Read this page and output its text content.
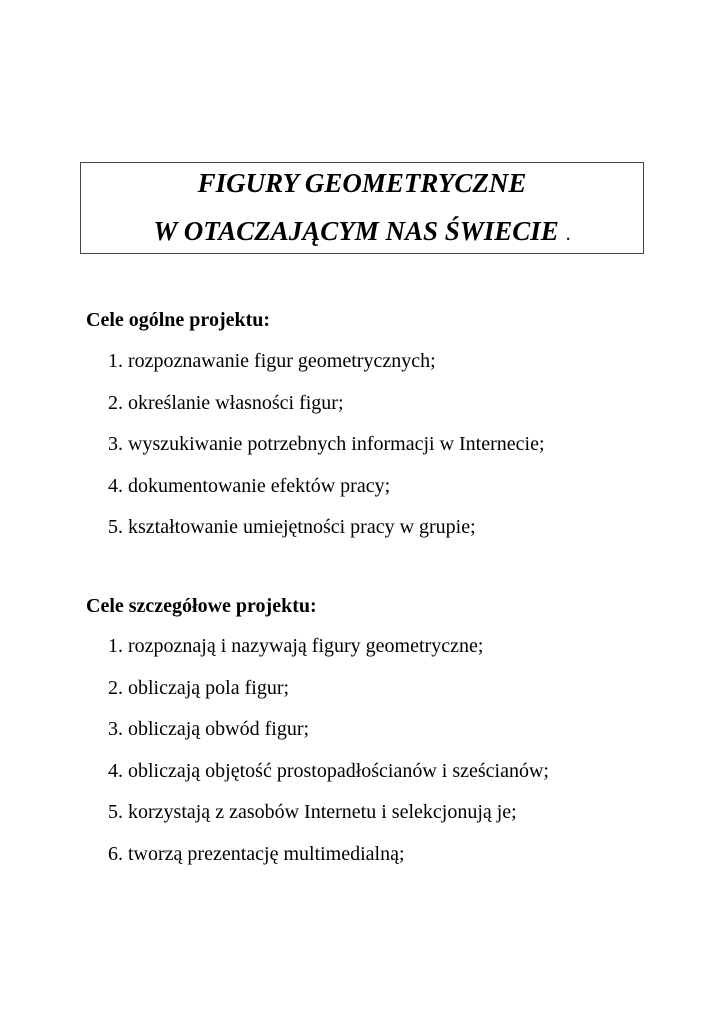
FIGURY GEOMETRYCZNE
W OTACZAJĄCYM NAS ŚWIECIE .
Cele ogólne projektu:
1. rozpoznawanie figur geometrycznych;
2. określanie własności figur;
3. wyszukiwanie potrzebnych informacji w Internecie;
4. dokumentowanie efektów pracy;
5. kształtowanie umiejętności pracy w grupie;
Cele szczegółowe projektu:
1. rozpoznają i nazywają figury geometryczne;
2. obliczają pola figur;
3. obliczają obwód figur;
4. obliczają objętość prostopadłościanów i sześcianów;
5. korzystają z zasobów Internetu i selekcjonują je;
6. tworzą prezentację multimedialną;
